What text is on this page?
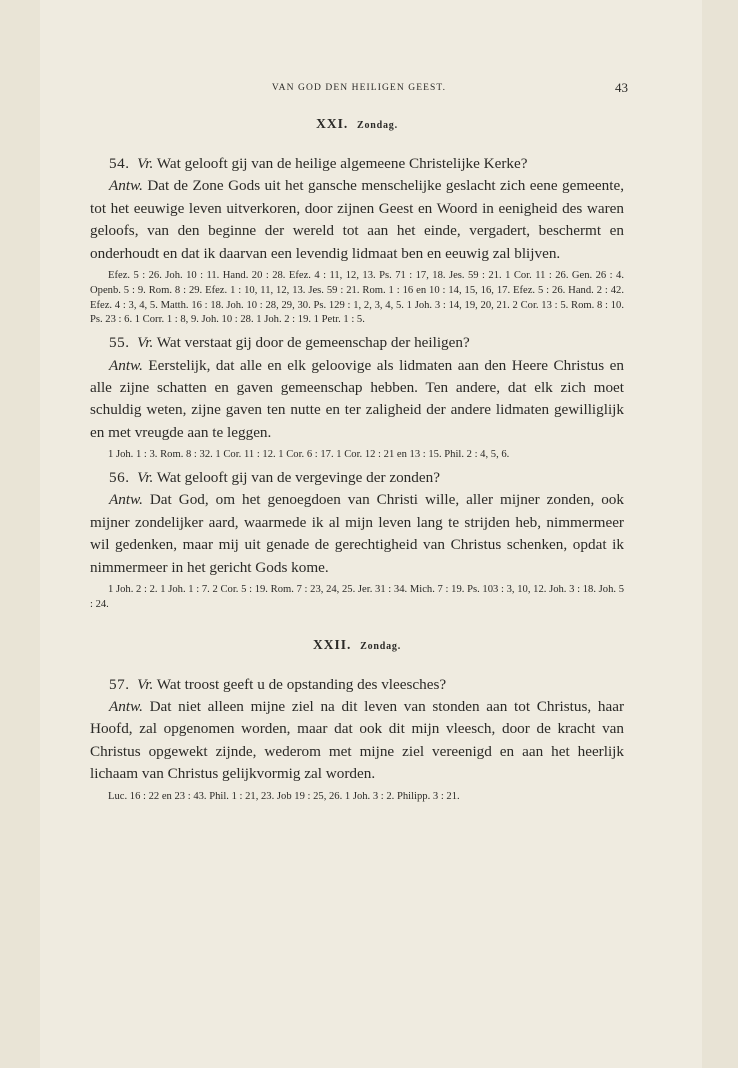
VAN GOD DEN HEILIGEN GEEST.	43
XXI. Zondag.

54. Vr. Wat gelooft gij van de heilige algemeene Christelijke Kerke?

Antw. Dat de Zone Gods uit het gansche menschelijke geslacht zich eene gemeente, tot het eeuwige leven uitverkoren, door zijnen Geest en Woord in eenigheid des waren geloofs, van den beginne der wereld tot aan het einde, vergadert, beschermt en onderhoudt en dat ik daarvan een levendig lidmaat ben en eeuwig zal blijven.

Efez. 5 : 26. Joh. 10 : 11. Hand. 20 : 28. Efez. 4 : 11, 12, 13. Ps. 71 : 17, 18. Jes. 59 : 21. 1 Cor. 11 : 26. Gen. 26 : 4. Openb. 5 : 9. Rom. 8 : 29. Efez. 1 : 10, 11, 12, 13. Jes. 59 : 21. Rom. 1 : 16 en 10 : 14, 15, 16, 17. Efez. 5 : 26. Hand. 2 : 42. Efez. 4 : 3, 4, 5. Matth. 16 : 18. Joh. 10 : 28, 29, 30. Ps. 129 : 1, 2, 3, 4, 5. 1 Joh. 3 : 14, 19, 20, 21. 2 Cor. 13 : 5. Rom. 8 : 10. Ps. 23 : 6. 1 Corr. 1 : 8, 9. Joh. 10 : 28. 1 Joh. 2 : 19. 1 Petr. 1 : 5.

55. Vr. Wat verstaat gij door de gemeenschap der heiligen?

Antw. Eerstelijk, dat alle en elk geloovige als lidmaten aan den Heere Christus en alle zijne schatten en gaven gemeenschap hebben. Ten andere, dat elk zich moet schuldig weten, zijne gaven ten nutte en ter zaligheid der andere lidmaten gewilliglijk en met vreugde aan te leggen.

1 Joh. 1 : 3. Rom. 8 : 32. 1 Cor. 11 : 12. 1 Cor. 6 : 17. 1 Cor. 12 : 21 en 13 : 15. Phil. 2 : 4, 5, 6.

56. Vr. Wat gelooft gij van de vergevinge der zonden?

Antw. Dat God, om het genoegdoen van Christi wille, aller mijner zonden, ook mijner zondelijker aard, waarmede ik al mijn leven lang te strijden heb, nimmermeer wil gedenken, maar mij uit genade de gerechtigheid van Christus schenken, opdat ik nimmermeer in het gericht Gods kome.

1 Joh. 2 : 2. 1 Joh. 1 : 7. 2 Cor. 5 : 19. Rom. 7 : 23, 24, 25. Jer. 31 : 34. Mich. 7 : 19. Ps. 103 : 3, 10, 12. Joh. 3 : 18. Joh. 5 : 24.

XXII. Zondag.

57. Vr. Wat troost geeft u de opstanding des vleesches?

Antw. Dat niet alleen mijne ziel na dit leven van stonden aan tot Christus, haar Hoofd, zal opgenomen worden, maar dat ook dit mijn vleesch, door de kracht van Christus opgewekt zijnde, wederom met mijne ziel vereenigd en aan het heerlijk lichaam van Christus gelijkvormig zal worden.

Luc. 16 : 22 en 23 : 43. Phil. 1 : 21, 23. Job 19 : 25, 26. 1 Joh. 3 : 2. Philipp. 3 : 21.
